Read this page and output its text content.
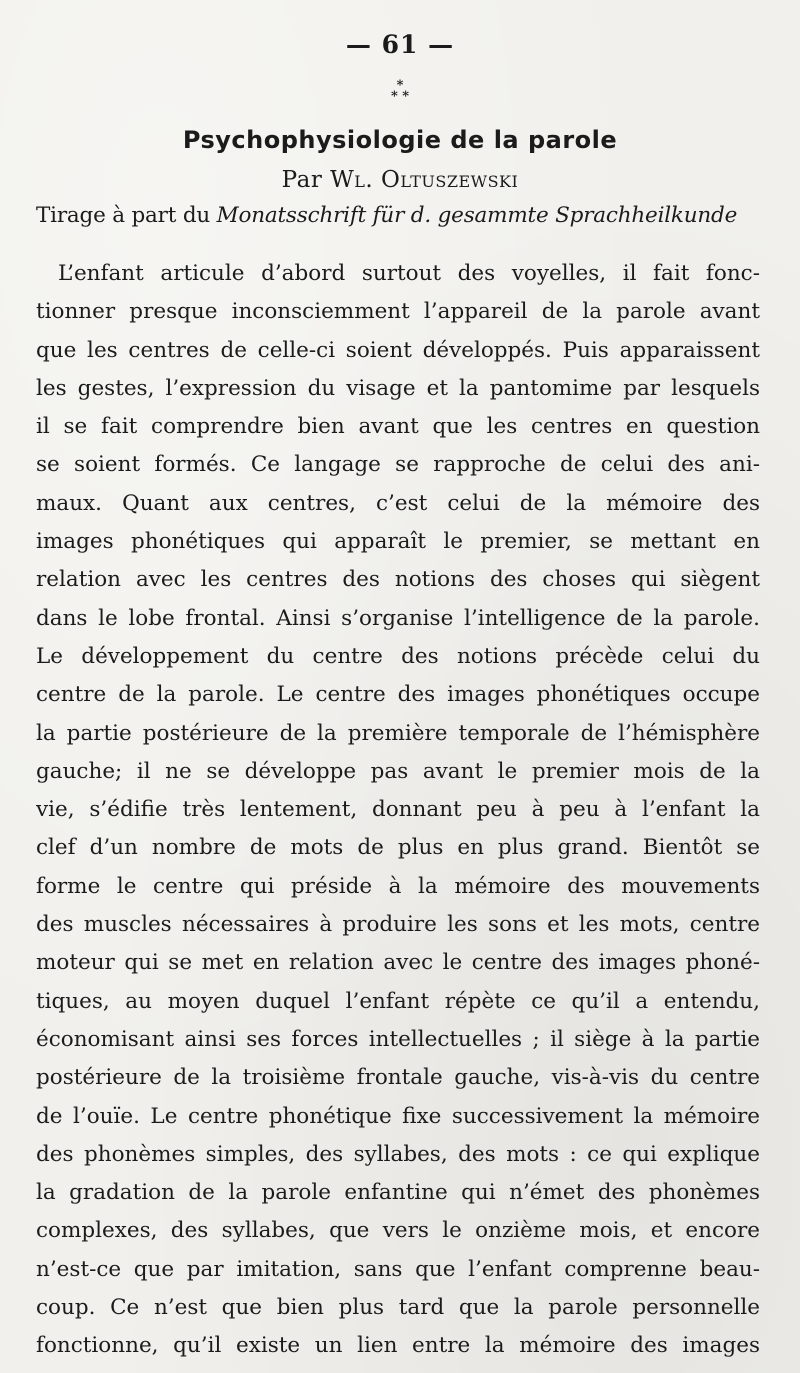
— 61 —
*
* *
Psychophysiologie de la parole
Par Wl. Oltuszewski
Tirage à part du Monatsschrift für d. gesammte Sprachheilkunde
L’enfant articule d’abord surtout des voyelles, il fait fonc-
tionner presque inconsciemment l’appareil de la parole avant
que les centres de celle-ci soient développés. Puis apparaissent
les gestes, l’expression du visage et la pantomime par lesquels
il se fait comprendre bien avant que les centres en question
se soient formés. Ce langage se rapproche de celui des ani-
maux. Quant aux centres, c’est celui de la mémoire des
images phonétiques qui apparaît le premier, se mettant en
relation avec les centres des notions des choses qui siègent
dans le lobe frontal. Ainsi s’organise l’intelligence de la parole.
Le développement du centre des notions précède celui du
centre de la parole. Le centre des images phonétiques occupe
la partie postérieure de la première temporale de l’hémisphère
gauche; il ne se développe pas avant le premier mois de la
vie, s’édifie très lentement, donnant peu à peu à l’enfant la
clef d’un nombre de mots de plus en plus grand. Bientôt se
forme le centre qui préside à la mémoire des mouvements
des muscles nécessaires à produire les sons et les mots, centre
moteur qui se met en relation avec le centre des images phoné-
tiques, au moyen duquel l’enfant répète ce qu’il a entendu,
économisant ainsi ses forces intellectuelles ; il siège à la partie
postérieure de la troisième frontale gauche, vis-à-vis du centre
de l’ouïe. Le centre phonétique fixe successivement la mémoire
des phonèmes simples, des syllabes, des mots : ce qui explique
la gradation de la parole enfantine qui n’émet des phonèmes
complexes, des syllabes, que vers le onzième mois, et encore
n’est-ce que par imitation, sans que l’enfant comprenne beau-
coup. Ce n’est que bien plus tard que la parole personnelle
fonctionne, qu’il existe un lien entre la mémoire des images
